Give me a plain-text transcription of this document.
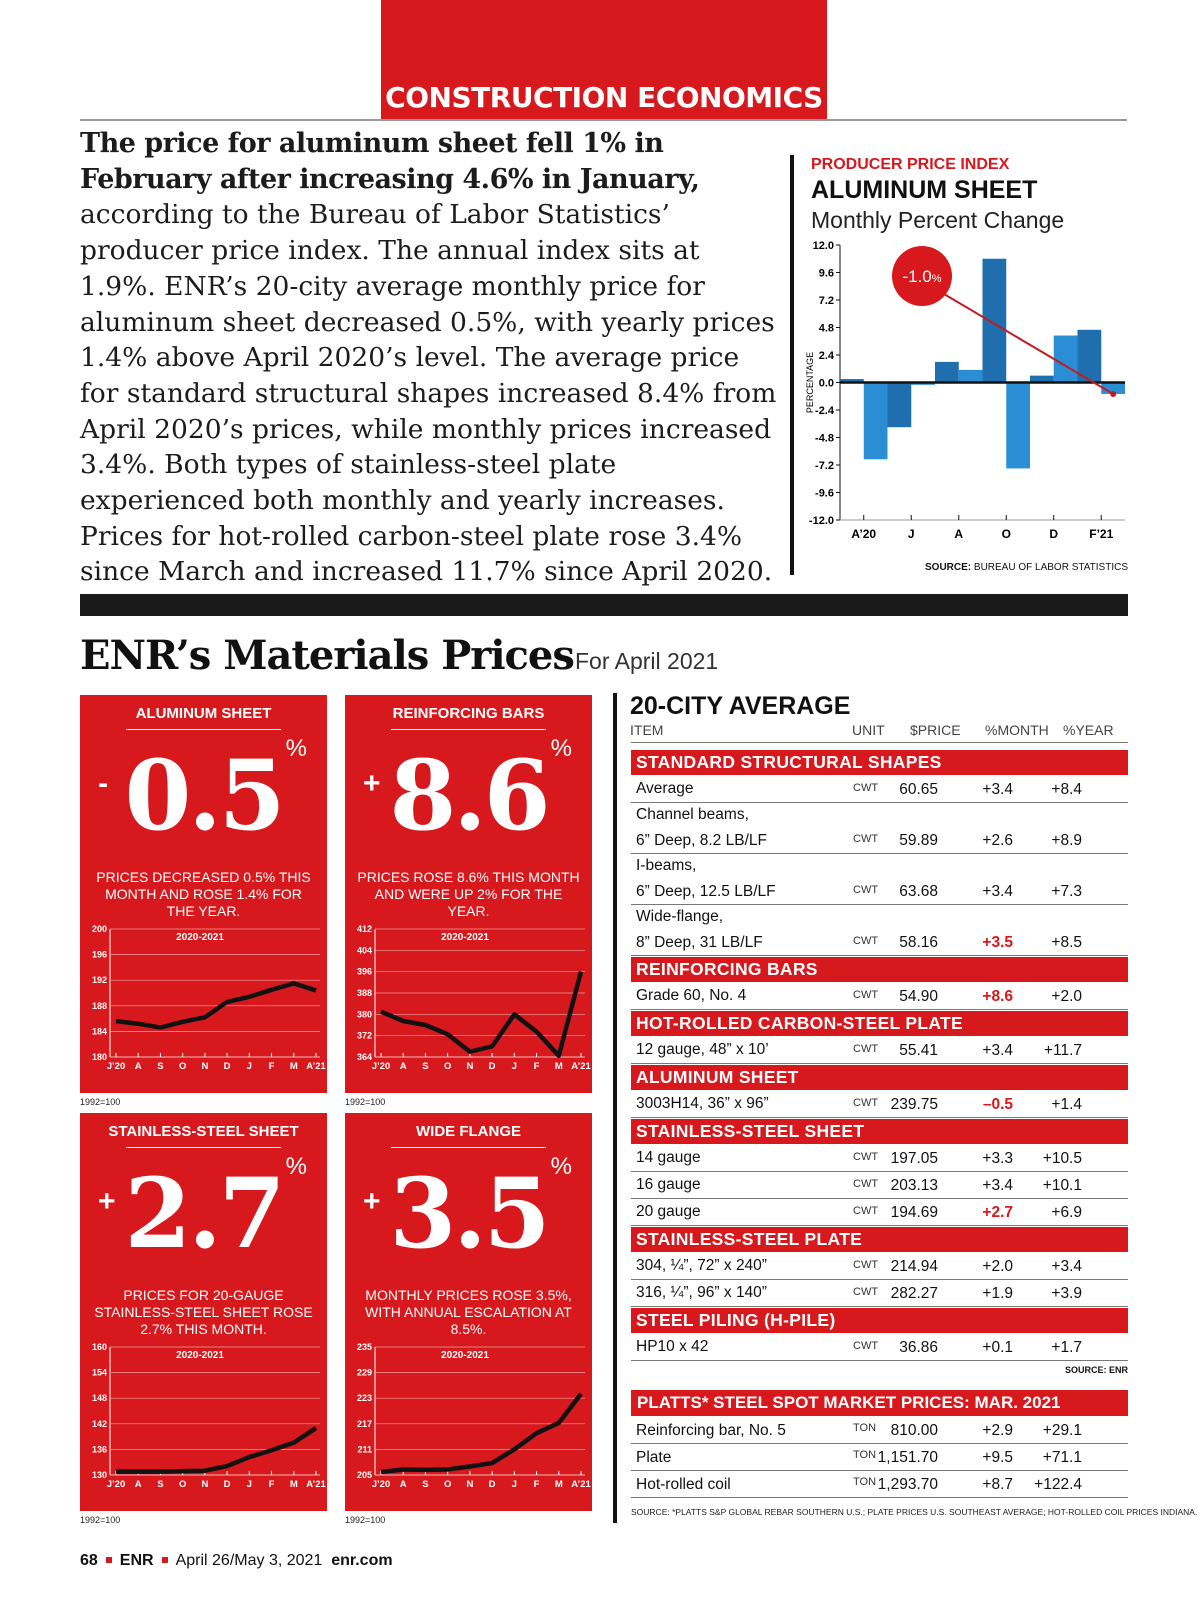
CONSTRUCTION ECONOMICS
The price for aluminum sheet fell 1% in February after increasing 4.6% in January, according to the Bureau of Labor Statistics’ producer price index. The annual index sits at 1.9%. ENR’s 20-city average monthly price for aluminum sheet decreased 0.5%, with yearly prices 1.4% above April 2020’s level. The average price for standard structural shapes increased 8.4% from April 2020’s prices, while monthly prices increased 3.4%. Both types of stainless-steel plate experienced both monthly and yearly increases. Prices for hot-rolled carbon-steel plate rose 3.4% since March and increased 11.7% since April 2020.
PRODUCER PRICE INDEX
ALUMINUM SHEET
Monthly Percent Change
12.0
9.6
7.2
4.8
2.4
0.0
-2.4
-4.8
-7.2
-9.6
-12.0
PERCENTAGE
A’20	J	A	O	D	F’21
-1.0%
SOURCE: BUREAU OF LABOR STATISTICS
ENR’s Materials Prices For April 2021
ALUMINUM SHEET
- 0.5 %
PRICES DECREASED 0.5% THIS MONTH AND ROSE 1.4% FOR THE YEAR.
200
196
192
188
184
180
2020-2021
J’20 A S O N D J F M A’21
1992=100
REINFORCING BARS
+ 8.6 %
PRICES ROSE 8.6% THIS MONTH AND WERE UP 2% FOR THE YEAR.
412
404
396
388
380
372
364
2020-2021
J’20 A S O N D J F M A’21
1992=100
STAINLESS-STEEL SHEET
+ 2.7 %
PRICES FOR 20-GAUGE STAINLESS-STEEL SHEET ROSE 2.7% THIS MONTH.
160
154
148
142
136
130
2020-2021
J’20 A S O N D J F M A’21
1992=100
WIDE FLANGE
+ 3.5 %
MONTHLY PRICES ROSE 3.5%, WITH ANNUAL ESCALATION AT 8.5%.
235
229
223
217
211
205
2020-2021
J’20 A S O N D J F M A’21
1992=100
20-CITY AVERAGE
ITEM	UNIT $PRICE %MONTH %YEAR
STANDARD STRUCTURAL SHAPES
Average	CWT 60.65	+3.4 +8.4
Channel beams,
6” Deep, 8.2 LB/LF	CWT 59.89	+2.6 +8.9
I-beams,
6” Deep, 12.5 LB/LF	CWT 63.68	+3.4 +7.3
Wide-flange,
8” Deep, 31 LB/LF	CWT 58.16	+3.5 +8.5
REINFORCING BARS
Grade 60, No. 4	CWT 54.90	+8.6 +2.0
HOT-ROLLED CARBON-STEEL PLATE
12 gauge, 48” x 10’	CWT 55.41	+3.4 +11.7
ALUMINUM SHEET
3003H14, 36” x 96”	CWT 239.75	–0.5 +1.4
STAINLESS-STEEL SHEET
14 gauge	CWT 197.05	+3.3 +10.5
16 gauge	CWT 203.13	+3.4 +10.1
20 gauge	CWT 194.69	+2.7 +6.9
STAINLESS-STEEL PLATE
304, ¼”, 72” x 240”	CWT 214.94	+2.0 +3.4
316, ¼”, 96” x 140”	CWT 282.27	+1.9 +3.9
STEEL PILING (H-PILE)
HP10 x 42	CWT 36.86	+0.1 +1.7
SOURCE: ENR
PLATTS* STEEL SPOT MARKET PRICES: MAR. 2021
Reinforcing bar, No. 5	TON 810.00	+2.9 +29.1
Plate	TON 1,151.70	+9.5 +71.1
Hot-rolled coil	TON 1,293.70	+8.7 +122.4
SOURCE: *PLATTS S&P GLOBAL REBAR SOUTHERN U.S.; PLATE PRICES U.S. SOUTHEAST AVERAGE; HOT-ROLLED COIL PRICES INDIANA.
68 ENR April 26/May 3, 2021 enr.com
